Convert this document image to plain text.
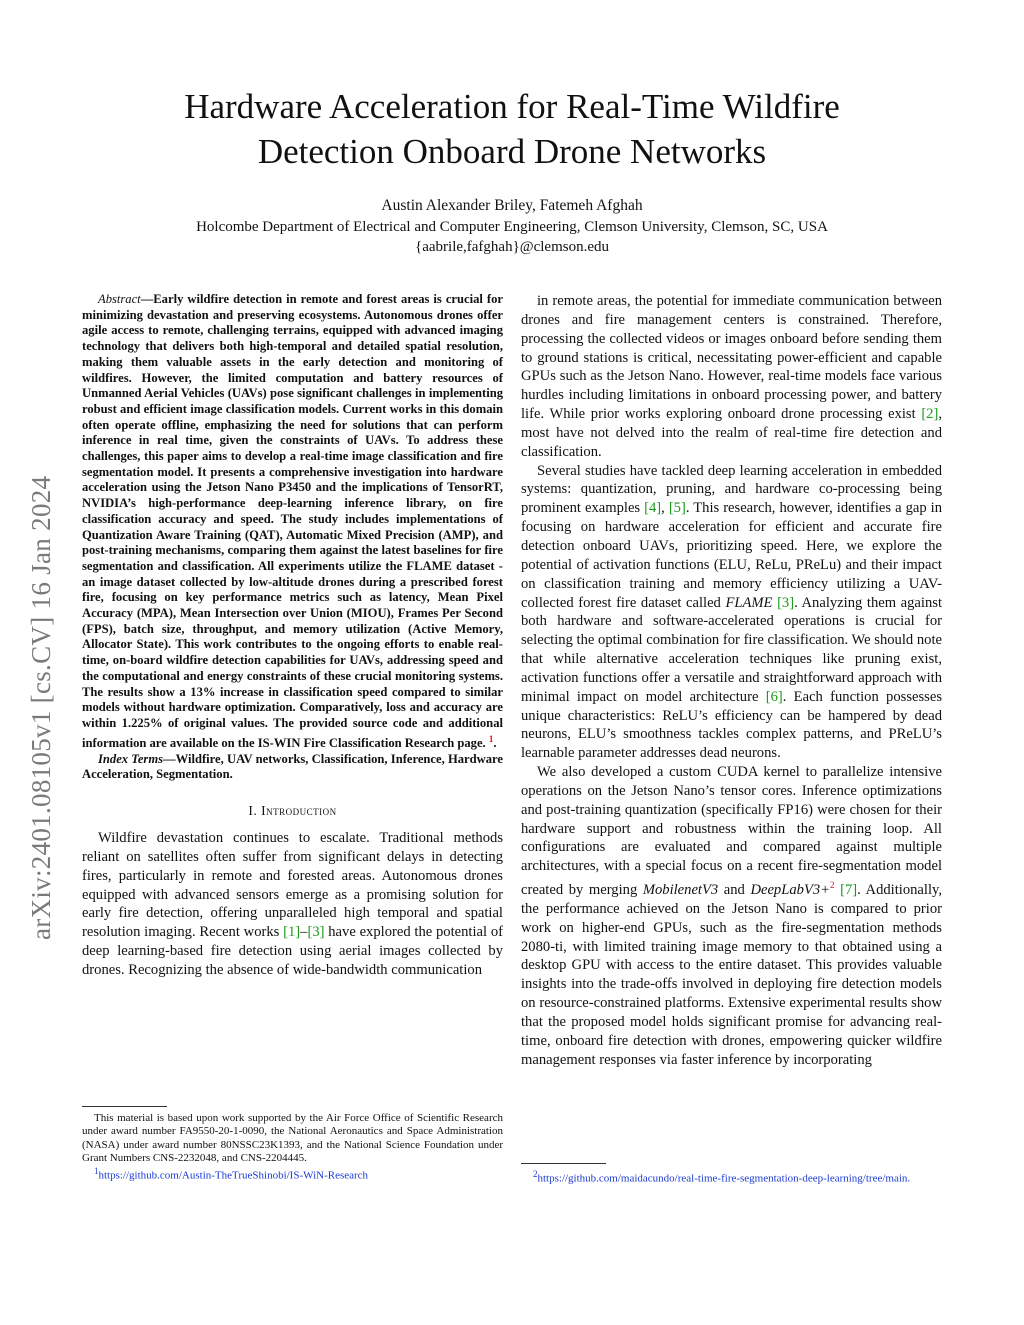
Hardware Acceleration for Real-Time Wildfire
Detection Onboard Drone Networks
Austin Alexander Briley, Fatemeh Afghah
Holcombe Department of Electrical and Computer Engineering, Clemson University, Clemson, SC, USA
{aabrile,fafghah}@clemson.edu
arXiv:2401.08105v1 [cs.CV] 16 Jan 2024

Abstract—Early wildfire detection in remote and forest areas is crucial for minimizing devastation and preserving ecosystems. Autonomous drones offer agile access to remote, challenging terrains, equipped with advanced imaging technology that delivers both high-temporal and detailed spatial resolution, making them valuable assets in the early detection and monitoring of wildfires. However, the limited computation and battery resources of Unmanned Aerial Vehicles (UAVs) pose significant challenges in implementing robust and efficient image classification models. Current works in this domain often operate offline, emphasizing the need for solutions that can perform inference in real time, given the constraints of UAVs. To address these challenges, this paper aims to develop a real-time image classification and fire segmentation model. It presents a comprehensive investigation into hardware acceleration using the Jetson Nano P3450 and the implications of TensorRT, NVIDIA’s high-performance deep-learning inference library, on fire classification accuracy and speed. The study includes implementations of Quantization Aware Training (QAT), Automatic Mixed Precision (AMP), and post-training mechanisms, comparing them against the latest baselines for fire segmentation and classification. All experiments utilize the FLAME dataset - an image dataset collected by low-altitude drones during a prescribed forest fire, focusing on key performance metrics such as latency, Mean Pixel Accuracy (MPA), Mean Intersection over Union (MIOU), Frames Per Second (FPS), batch size, throughput, and memory utilization (Active Memory, Allocator State). This work contributes to the ongoing efforts to enable real-time, on-board wildfire detection capabilities for UAVs, addressing speed and the computational and energy constraints of these crucial monitoring systems. The results show a 13% increase in classification speed compared to similar models without hardware optimization. Comparatively, loss and accuracy are within 1.225% of original values. The provided source code and additional information are available on the IS-WIN Fire Classification Research page. $^1$.

Index Terms—Wildfire, UAV networks, Classification, Inference, Hardware Acceleration, Segmentation.

I. Introduction

Wildfire devastation continues to escalate. Traditional methods reliant on satellites often suffer from significant delays in detecting fires, particularly in remote and forested areas. Autonomous drones equipped with advanced sensors emerge as a promising solution for early fire detection, offering unparalleled high temporal and spatial resolution imaging. Recent works [1]–[3] have explored the potential of deep learning-based fire detection using aerial images collected by drones. Recognizing the absence of wide-bandwidth communication

in remote areas, the potential for immediate communication between drones and fire management centers is constrained. Therefore, processing the collected videos or images onboard before sending them to ground stations is critical, necessitating power-efficient and capable GPUs such as the Jetson Nano. However, real-time models face various hurdles including limitations in onboard processing power, and battery life. While prior works exploring onboard drone processing exist [2], most have not delved into the realm of real-time fire detection and classification.

Several studies have tackled deep learning acceleration in embedded systems: quantization, pruning, and hardware co-processing being prominent examples [4], [5]. This research, however, identifies a gap in focusing on hardware acceleration for efficient and accurate fire detection onboard UAVs, prioritizing speed. Here, we explore the potential of activation functions (ELU, ReLu, PReLu) and their impact on classification training and memory efficiency utilizing a UAV-collected forest fire dataset called FLAME [3]. Analyzing them against both hardware and software-accelerated operations is crucial for selecting the optimal combination for fire classification. We should note that while alternative acceleration techniques like pruning exist, activation functions offer a versatile and straightforward approach with minimal impact on model architecture [6]. Each function possesses unique characteristics: ReLU’s efficiency can be hampered by dead neurons, ELU’s smoothness tackles complex patterns, and PReLU’s learnable parameter addresses dead neurons.

We also developed a custom CUDA kernel to parallelize intensive operations on the Jetson Nano’s tensor cores. Inference optimizations and post-training quantization (specifically FP16) were chosen for their hardware support and robustness within the training loop. All configurations are evaluated and compared against multiple architectures, with a special focus on a recent fire-segmentation model created by merging MobilenetV3 and DeepLabV3+$^2$ [7]. Additionally, the performance achieved on the Jetson Nano is compared to prior work on higher-end GPUs, such as the fire-segmentation methods 2080-ti, with limited training image memory to that obtained using a desktop GPU with access to the entire dataset. This provides valuable insights into the trade-offs involved in deploying fire detection models on resource-constrained platforms. Extensive experimental results show that the proposed model holds significant promise for advancing real-time, onboard fire detection with drones, empowering quicker wildfire management responses via faster inference by incorporating

This material is based upon work supported by the Air Force Office of Scientific Research under award number FA9550-20-1-0090, the National Aeronautics and Space Administration (NASA) under award number 80NSSC23K1393, and the National Science Foundation under Grant Numbers CNS-2232048, and CNS-2204445.

$^1$https://github.com/Austin-TheTrueShinobi/IS-WiN-Research	$^2$https://github.com/maidacundo/real-time-fire-segmentation-deep-learning/tree/main.
